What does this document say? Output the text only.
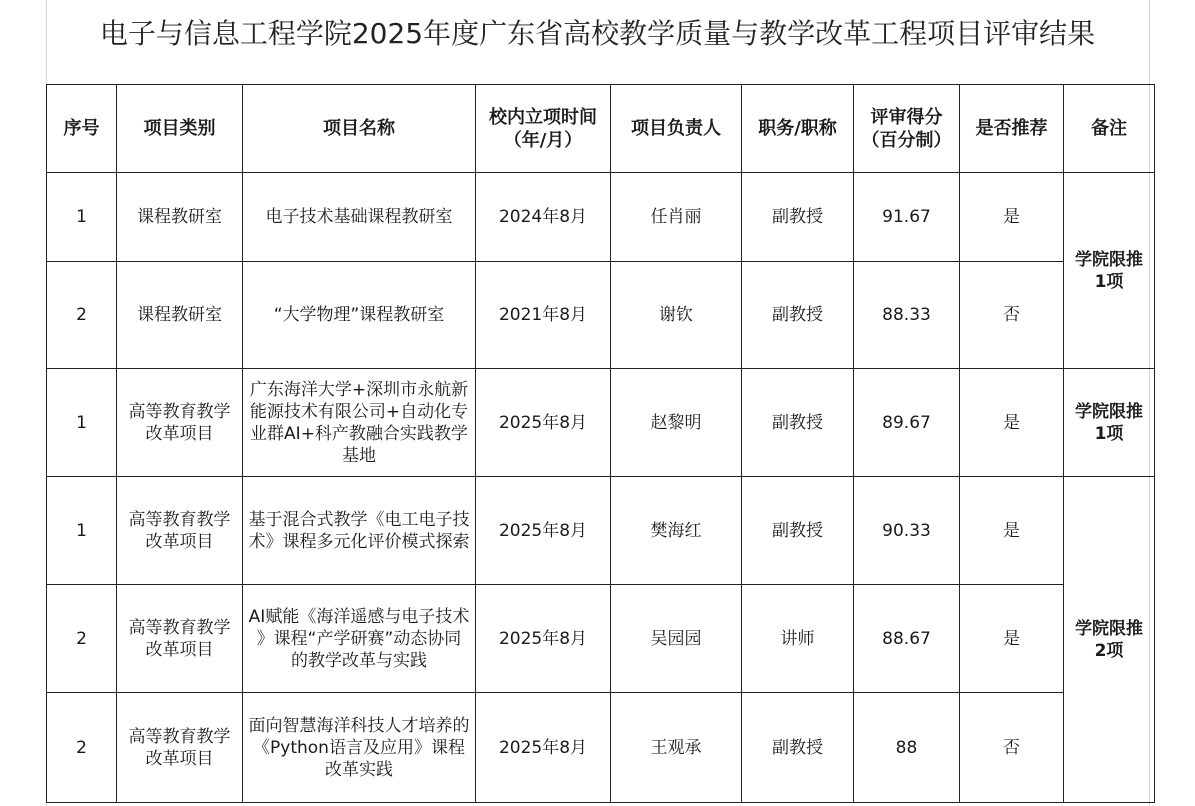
电子与信息工程学院2025年度广东省高校教学质量与教学改革工程项目评审结果
序号	项目类别	项目名称	校内立项时间
（年/月）	项目负责人	职务/职称	评审得分
（百分制）	是否推荐	备注
1	课程教研室	电子技术基础课程教研室	2024年8月	任肖丽	副教授	91.67	是	学院限推
1项

2	课程教研室	“大学物理”课程教研室	2021年8月	谢钦	副教授	88.33	否	
1	高等教育教学
改革项目	广东海洋大学+深圳市永航新
能源技术有限公司+自动化专
业群AI+科产教融合实践教学
基地	2025年8月	赵黎明	副教授	89.67	是	学院限推
1项

1	高等教育教学
改革项目	基于混合式教学《电工电子技
术》课程多元化评价模式探索	2025年8月	樊海红	副教授	90.33	是	学院限推
2项

2	高等教育教学
改革项目	AI赋能《海洋遥感与电子技术
》课程“产学研赛”动态协同
的教学改革与实践	2025年8月	吴园园	讲师	88.67	是	
2	高等教育教学
改革项目	面向智慧海洋科技人才培养的
《Python语言及应用》课程
改革实践	2025年8月	王观承	副教授	88	否	
